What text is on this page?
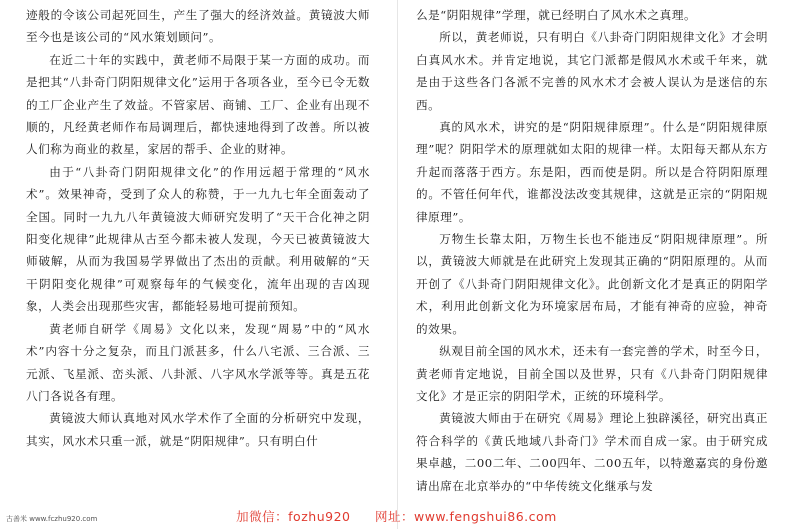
迹般的令该公司起死回生，产生了强大的经济效益。黄镜波大师至今也是该公司的“风水策划顾问”。

在近二十年的实践中，黄老师不局限于某一方面的成功。而是把其“八卦奇门阴阳规律文化”运用于各项各业，至今已令无数的工厂企业产生了效益。不管家居、商铺、工厂、企业有出现不顺的，凡经黄老师作布局调理后，都快速地得到了改善。所以被人们称为商业的救星，家居的帮手、企业的财神。

由于“八卦奇门阴阳规律文化”的作用远超于常理的“风水术”。效果神奇，受到了众人的称赞，于一九九七年全面轰动了全国。同时一九九八年黄镜波大师研究发明了“天干合化神之阴阳变化规律”此规律从古至今都未被人发现，今天已被黄镜波大师破解，从而为我国易学界做出了杰出的贡献。利用破解的“天干阴阳变化规律”可观察每年的气候变化，流年出现的吉凶现象，人类会出现那些灾害，都能轻易地可提前预知。

黄老师自研学《周易》文化以来，发现“周易”中的“风水术”内容十分之复杂，而且门派甚多，什么八宅派、三合派、三元派、飞星派、峦头派、八卦派、八字风水学派等等。真是五花八门各说各有理。

黄镜波大师认真地对风水学术作了全面的分析研究中发现，其实，风水术只重一派，就是“阴阳规律”。只有明白什

么是“阴阳规律”学理，就已经明白了风水术之真理。

所以，黄老师说，只有明白《八卦奇门阴阳规律文化》才会明白真风水术。并肯定地说，其它门派都是假风水术或千年来，就是由于这些各门各派不完善的风水术才会被人误认为是迷信的东西。

真的风水术，讲究的是“阴阳规律原理”。什么是“阴阳规律原理”呢？阴阳学术的原理就如太阳的规律一样。太阳每天都从东方升起而落落于西方。东是阳，西而使是阴。所以是合符阴阳原理的。不管任何年代，谁都没法改变其规律，这就是正宗的“阴阳规律原理”。

万物生长靠太阳，万物生长也不能违反“阴阳规律原理”。所以，黄镜波大师就是在此研究上发现其正确的“阴阳原理的。从而开创了《八卦奇门阴阳规律文化》。此创新文化才是真正的阴阳学术，利用此创新文化为环境家居布局，才能有神奇的应验，神奇的效果。

纵观目前全国的风水术，还未有一套完善的学术，时至今日，黄老师肯定地说，目前全国以及世界，只有《八卦奇门阴阳规律文化》才是正宗的阴阳学术，正统的环境科学。

黄镜波大师由于在研究《周易》理论上独辟溪径，研究出真正符合科学的《黄氏地域八卦奇门》学术而自成一家。由于研究成果卓越，二00二年、二00四年、二00五年，以特邀嘉宾的身份邀请出席在北京举办的“中华传统文化继承与发

古善米 www.fczhu920.com	加微信：fozhu920 网址：www.fengshui86.com
